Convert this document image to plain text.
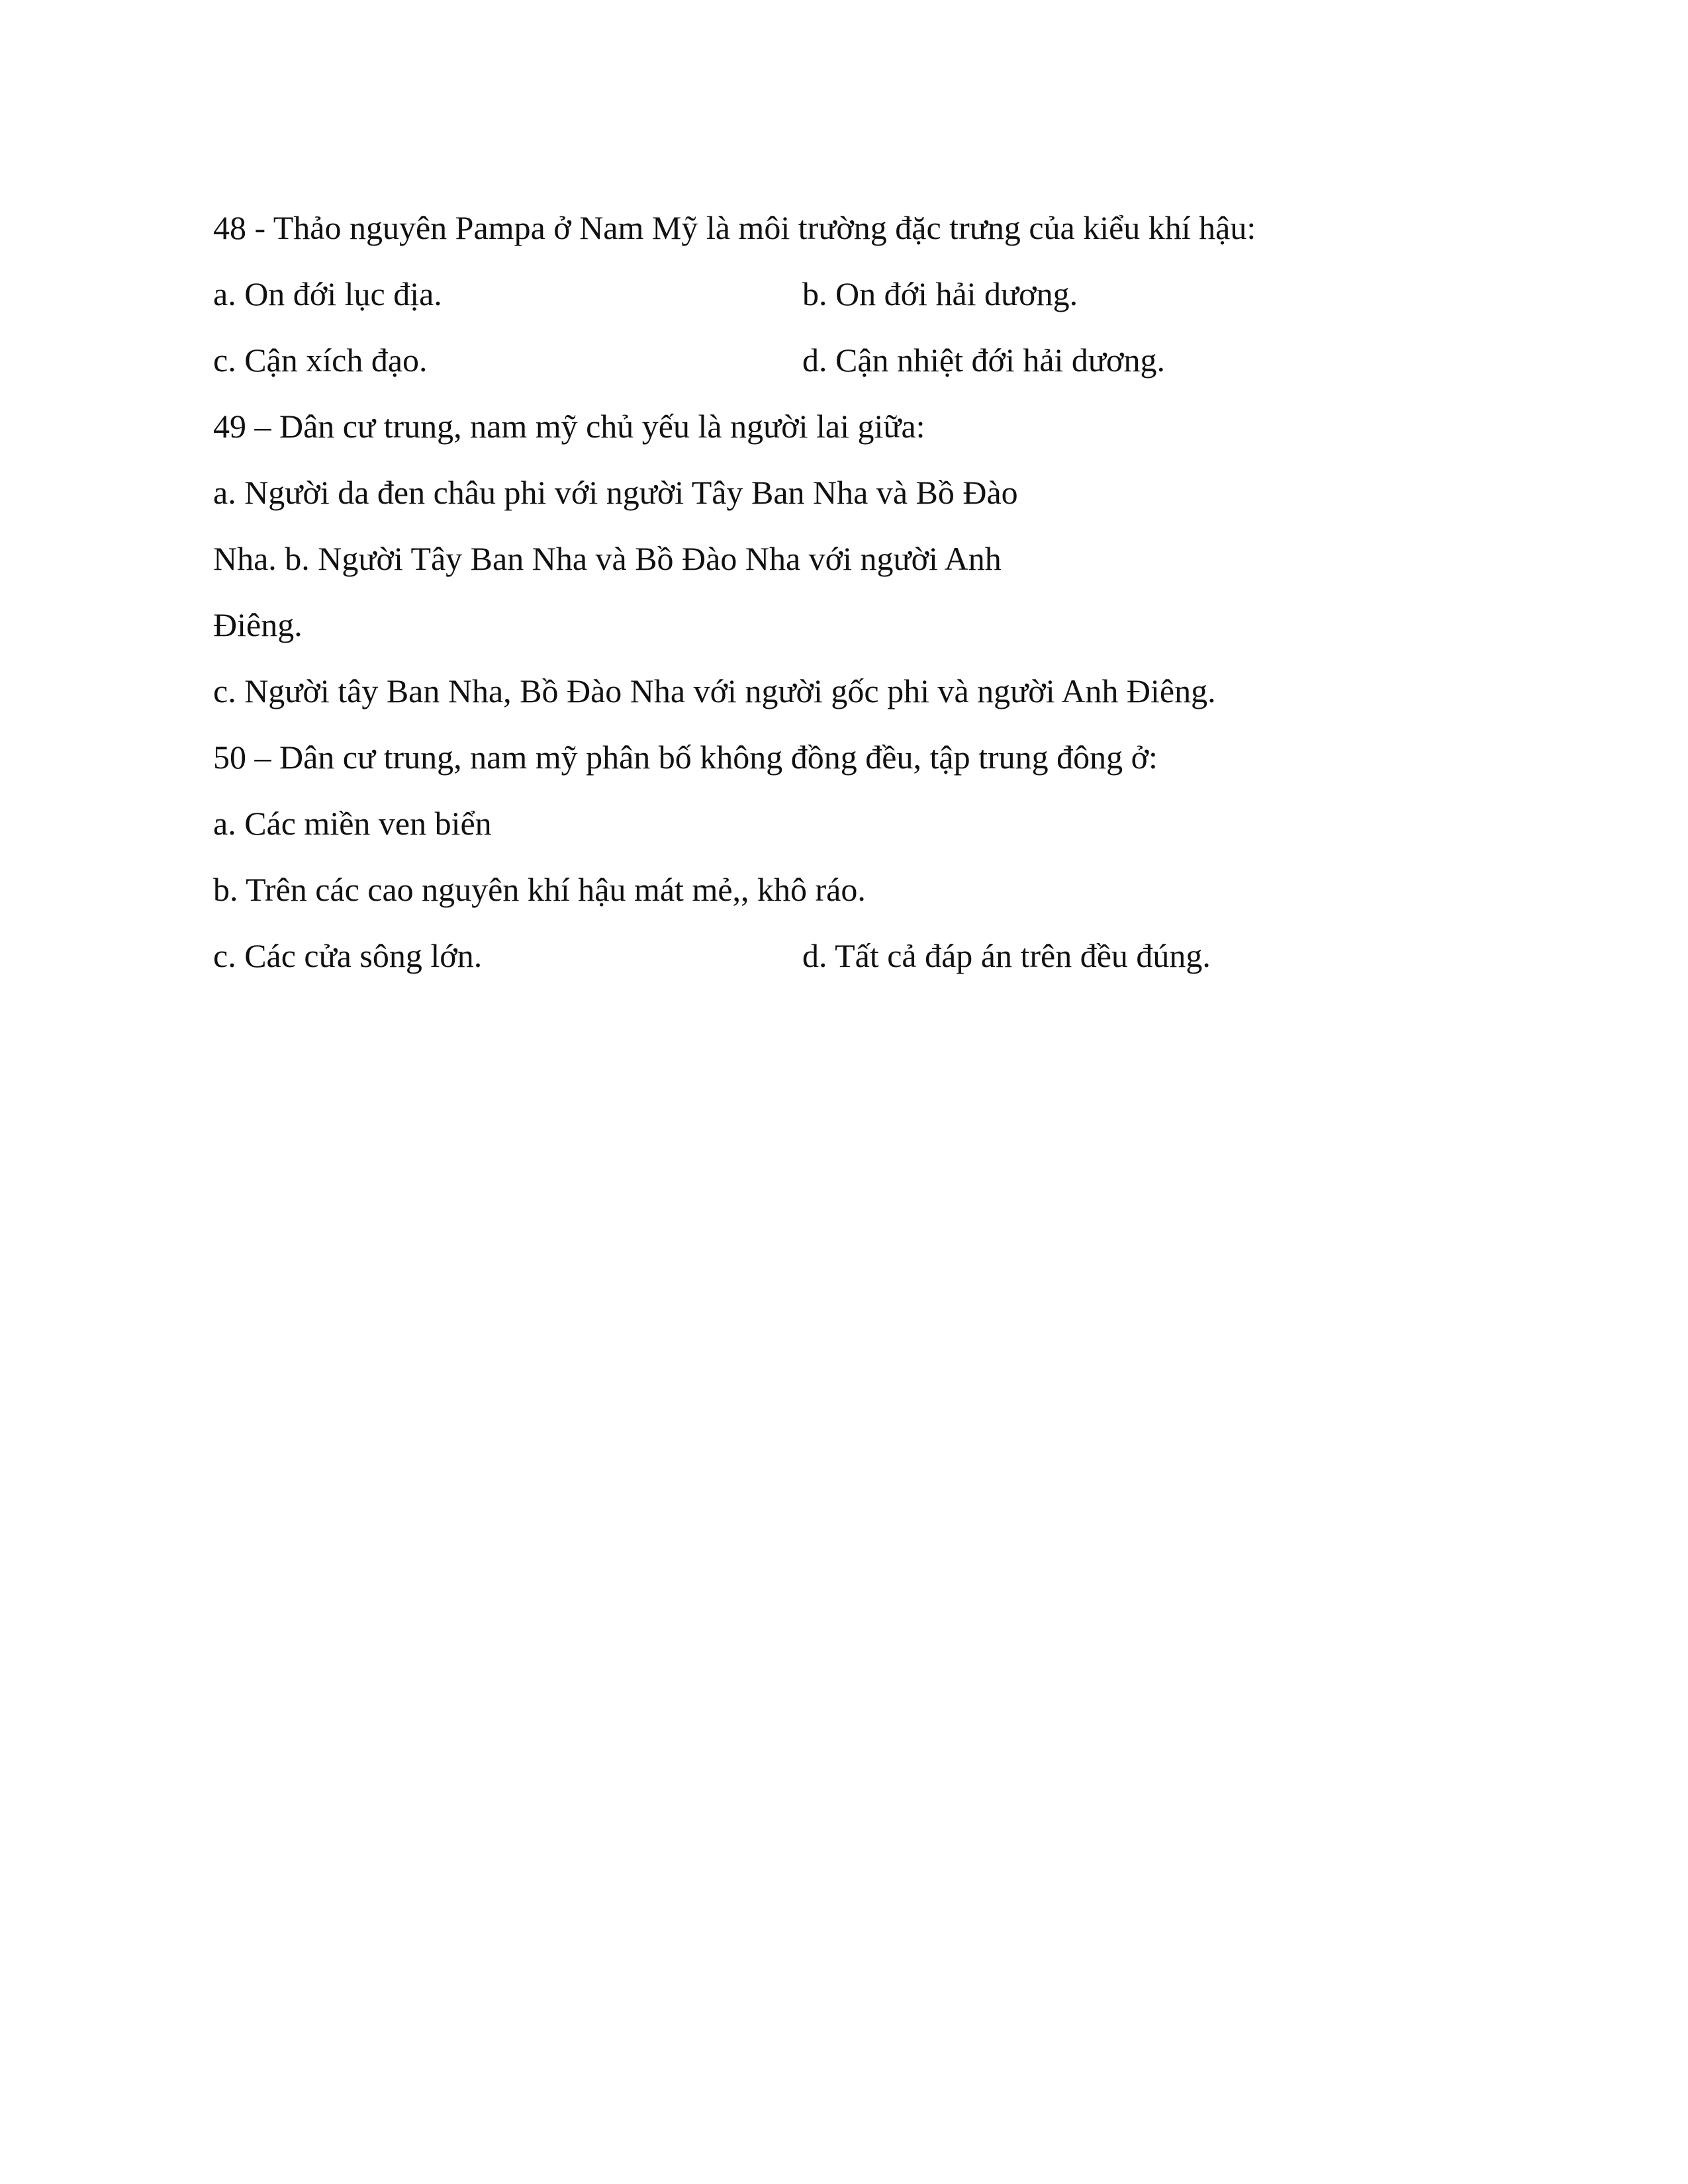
48 - Thảo nguyên Pampa ở Nam Mỹ là môi trường đặc trưng của kiểu khí hậu:
a. On đới lục địa.	b. On đới hải dương.
c. Cận xích đạo.	d. Cận nhiệt đới hải dương.
49 – Dân cư trung, nam mỹ chủ yếu là người lai giữa:
a. Người da đen châu phi với người Tây Ban Nha và Bồ Đào
Nha. b. Người Tây Ban Nha và Bồ Đào Nha với người Anh
Điêng.
c. Người tây Ban Nha, Bồ Đào Nha với người gốc phi và người Anh Điêng.
50 – Dân cư trung, nam mỹ phân bố không đồng đều, tập trung đông ở:
a. Các miền ven biển
b. Trên các cao nguyên khí hậu mát mẻ,, khô ráo.
c. Các cửa sông lớn.	d. Tất cả đáp án trên đều đúng.
